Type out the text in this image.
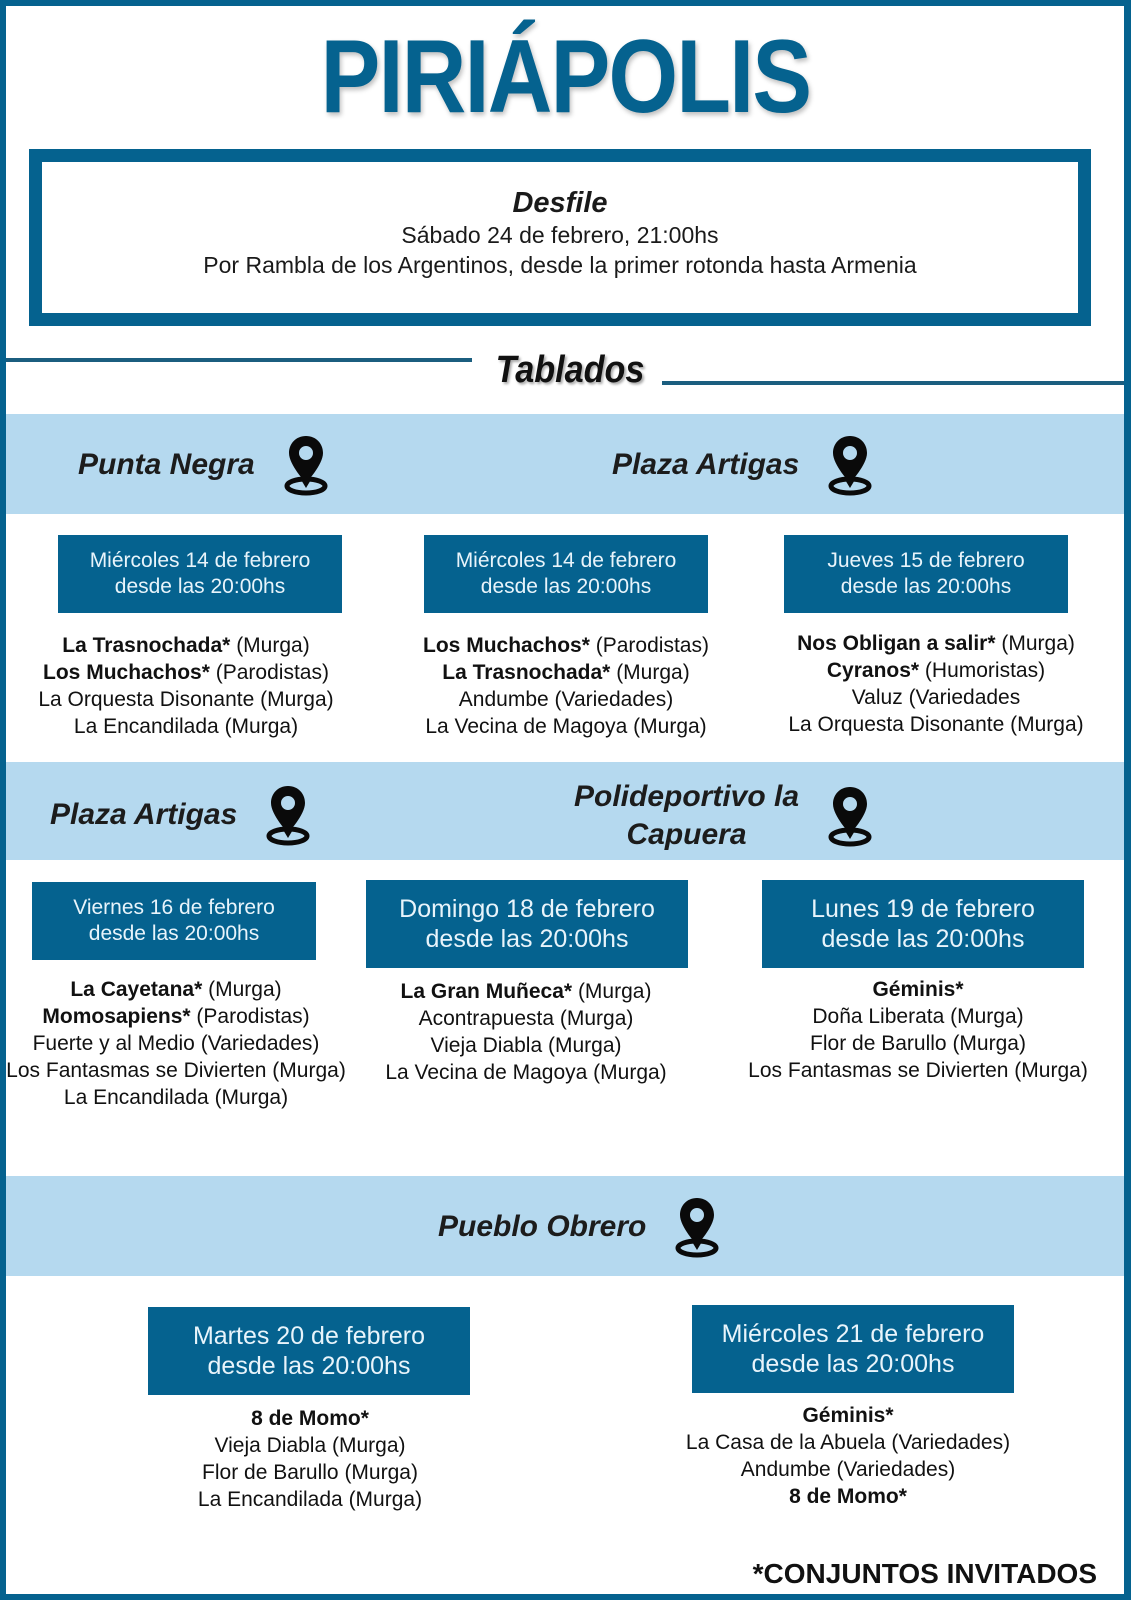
PIRIÁPOLIS
Desfile
Sábado 24 de febrero, 21:00hs
Por Rambla de los Argentinos, desde la primer rotonda hasta Armenia
Tablados
Punta Negra	Plaza Artigas
Miércoles 14 de febrero
desde las 20:00hs
Miércoles 14 de febrero
desde las 20:00hs
Jueves 15 de febrero
desde las 20:00hs
La Trasnochada* (Murga)
Los Muchachos* (Parodistas)
La Orquesta Disonante (Murga)
La Encandilada (Murga)
Los Muchachos* (Parodistas)
La Trasnochada* (Murga)
Andumbe (Variedades)
La Vecina de Magoya (Murga)
Nos Obligan a salir* (Murga)
Cyranos* (Humoristas)
Valuz (Variedades
La Orquesta Disonante (Murga)
Plaza Artigas
Polideportivo la
Capuera
Viernes 16 de febrero
desde las 20:00hs
Domingo 18 de febrero
desde las 20:00hs
Lunes 19 de febrero
desde las 20:00hs
La Cayetana* (Murga)
Momosapiens* (Parodistas)
Fuerte y al Medio (Variedades)
Los Fantasmas se Divierten (Murga)
La Encandilada (Murga)
La Gran Muñeca* (Murga)
Acontrapuesta (Murga)
Vieja Diabla (Murga)
La Vecina de Magoya (Murga)
Géminis*
Doña Liberata (Murga)
Flor de Barullo (Murga)
Los Fantasmas se Divierten (Murga)
Pueblo Obrero
Martes 20 de febrero
desde las 20:00hs
Miércoles 21 de febrero
desde las 20:00hs
8 de Momo*
Vieja Diabla (Murga)
Flor de Barullo (Murga)
La Encandilada (Murga)
Géminis*
La Casa de la Abuela (Variedades)
Andumbe (Variedades)
8 de Momo*
*CONJUNTOS INVITADOS
